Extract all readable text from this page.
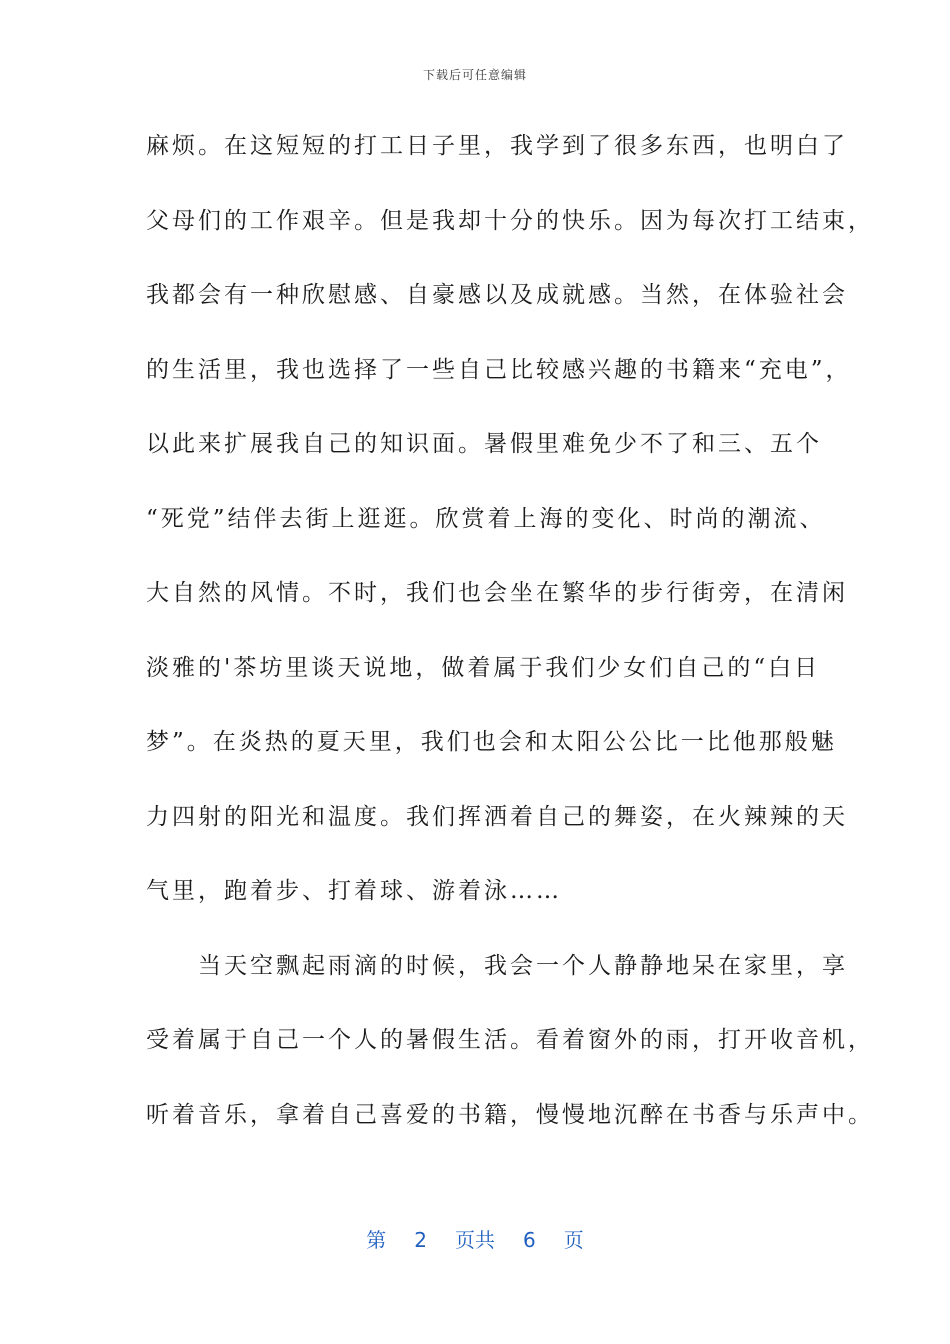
下载后可任意编辑
麻烦。在这短短的打工日子里，我学到了很多东西，也明白了
父母们的工作艰辛。但是我却十分的快乐。因为每次打工结束，
我都会有一种欣慰感、自豪感以及成就感。当然，在体验社会
的生活里，我也选择了一些自己比较感兴趣的书籍来“充电”，
以此来扩展我自己的知识面。暑假里难免少不了和三、五个
“死党”结伴去街上逛逛。欣赏着上海的变化、时尚的潮流、
大自然的风情。不时，我们也会坐在繁华的步行街旁，在清闲
淡雅的'茶坊里谈天说地，做着属于我们少女们自己的“白日
梦”。在炎热的夏天里，我们也会和太阳公公比一比他那般魅
力四射的阳光和温度。我们挥洒着自己的舞姿，在火辣辣的天
气里，跑着步、打着球、游着泳……
　　当天空飘起雨滴的时候，我会一个人静静地呆在家里，享
受着属于自己一个人的暑假生活。看着窗外的雨，打开收音机，
听着音乐，拿着自己喜爱的书籍，慢慢地沉醉在书香与乐声中。
第 2 页共 6 页
